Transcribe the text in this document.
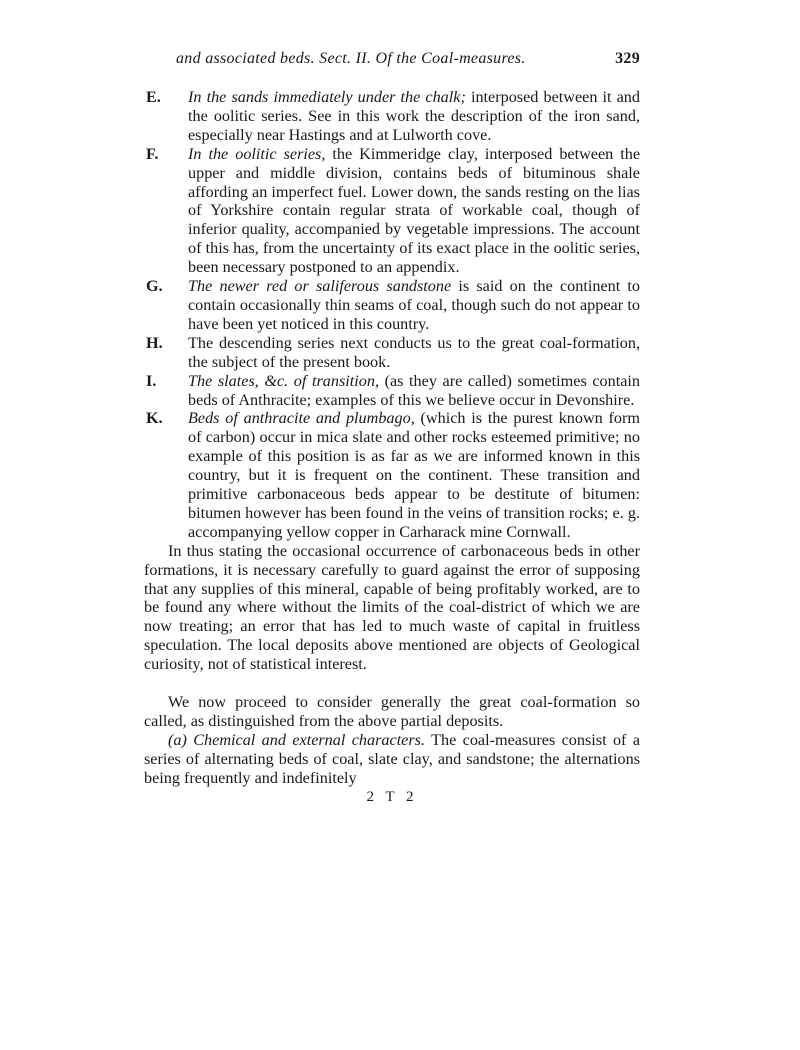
and associated beds. Sect. II. Of the Coal-measures.	329
E. In the sands immediately under the chalk; interposed between it and the oolitic series. See in this work the description of the iron sand, especially near Hastings and at Lulworth cove.
F. In the oolitic series, the Kimmeridge clay, interposed between the upper and middle division, contains beds of bituminous shale affording an imperfect fuel. Lower down, the sands resting on the lias of Yorkshire contain regular strata of workable coal, though of inferior quality, accompanied by vegetable impressions. The account of this has, from the uncertainty of its exact place in the oolitic series, been necessary postponed to an appendix.
G. The newer red or saliferous sandstone is said on the continent to contain occasionally thin seams of coal, though such do not appear to have been yet noticed in this country.
H. The descending series next conducts us to the great coal-formation, the subject of the present book.
I. The slates, &c. of transition, (as they are called) sometimes contain beds of Anthracite; examples of this we believe occur in Devonshire.
K. Beds of anthracite and plumbago, (which is the purest known form of carbon) occur in mica slate and other rocks esteemed primitive; no example of this position is as far as we are informed known in this country, but it is frequent on the continent. These transition and primitive carbonaceous beds appear to be destitute of bitumen: bitumen however has been found in the veins of transition rocks; e. g. accompanying yellow copper in Carharack mine Cornwall.
In thus stating the occasional occurrence of carbonaceous beds in other formations, it is necessary carefully to guard against the error of supposing that any supplies of this mineral, capable of being profitably worked, are to be found any where without the limits of the coal-district of which we are now treating; an error that has led to much waste of capital in fruitless speculation. The local deposits above mentioned are objects of Geological curiosity, not of statistical interest.
We now proceed to consider generally the great coal-formation so called, as distinguished from the above partial deposits.
(a) Chemical and external characters. The coal-measures consist of a series of alternating beds of coal, slate clay, and sandstone; the alternations being frequently and indefinitely
2 T 2
